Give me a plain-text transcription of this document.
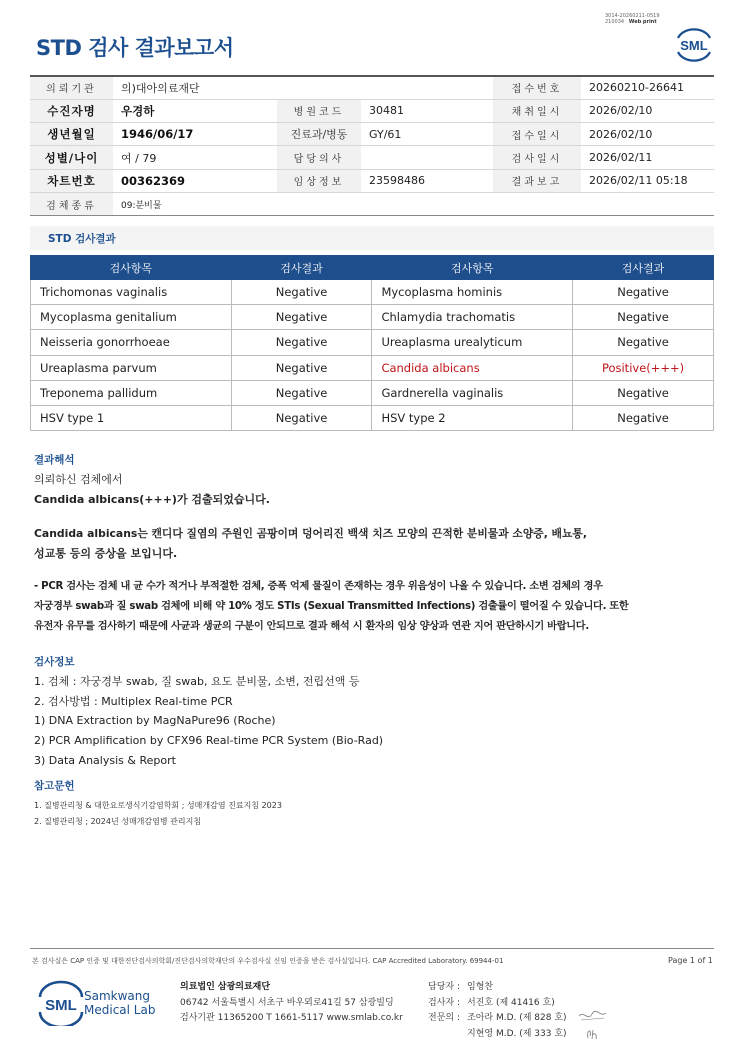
STD 검사 결과보고서
3014-20260211-0519
210034 Web print
SML
의뢰기관	의)대아의료재단			접수번호	20260210-26641
수진자명	우경하	병원코드	30481	채취일시	2026/02/10
생년월일	1946/06/17	진료과/병동	GY/61	접수일시	2026/02/10
성별/나이	여 / 79	담당의사		검사일시	2026/02/11
차트번호	00362369	임상정보	23598486	결과보고	2026/02/11 05:18
검체종류	09:분비물				
STD 검사결과
검사항목	검사결과	검사항목	검사결과
Trichomonas vaginalis	Negative	Mycoplasma hominis	Negative
Mycoplasma genitalium	Negative	Chlamydia trachomatis	Negative
Neisseria gonorrhoeae	Negative	Ureaplasma urealyticum	Negative
Ureaplasma parvum	Negative	Candida albicans	Positive(+++)
Treponema pallidum	Negative	Gardnerella vaginalis	Negative
HSV type 1	Negative	HSV type 2	Negative
결과해석
의뢰하신 검체에서
Candida albicans(+++)가 검출되었습니다.
Candida albicans는 캔디다 질염의 주원인 곰팡이며 덩어리진 백색 치즈 모양의 끈적한 분비물과 소양증, 배뇨통,
성교통 등의 증상을 보입니다.
- PCR 검사는 검체 내 균 수가 적거나 부적절한 검체, 증폭 억제 물질이 존재하는 경우 위음성이 나올 수 있습니다. 소변 검체의 경우
자궁경부 swab과 질 swab 검체에 비해 약 10% 정도 STIs (Sexual Transmitted Infections) 검출률이 떨어질 수 있습니다. 또한
유전자 유무를 검사하기 때문에 사균과 생균의 구분이 안되므로 결과 해석 시 환자의 임상 양상과 연관 지어 판단하시기 바랍니다.
검사정보
1. 검체 : 자궁경부 swab, 질 swab, 요도 분비물, 소변, 전립선액 등
2. 검사방법 : Multiplex Real-time PCR
1) DNA Extraction by MagNaPure96 (Roche)
2) PCR Amplification by CFX96 Real-time PCR System (Bio-Rad)
3) Data Analysis & Report
참고문헌
1. 질병관리청 & 대한요로생식기감염학회 ; 성매개감염 진료지침 2023
2. 질병관리청 ; 2024년 성매개감염병 관리지침
본 검사실은 CAP 인증 및 대한진단검사의학회/진단검사의학재단의 우수검사실 신임 인증을 받은 검사실입니다. CAP Accredited Laboratory. 69944-01	Page 1 of 1
SML
Samkwang
Medical Lab
의료법인 삼광의료재단
06742 서울특별시 서초구 바우뫼로41길 57 삼광빌딩
검사기관 11365200 T 1661-5117 www.smlab.co.kr
담당자 : 임형찬
검사자 : 서진호 (제 41416 호)
전문의 : 조아라 M.D. (제 828 호)
지현영 M.D. (제 333 호)
